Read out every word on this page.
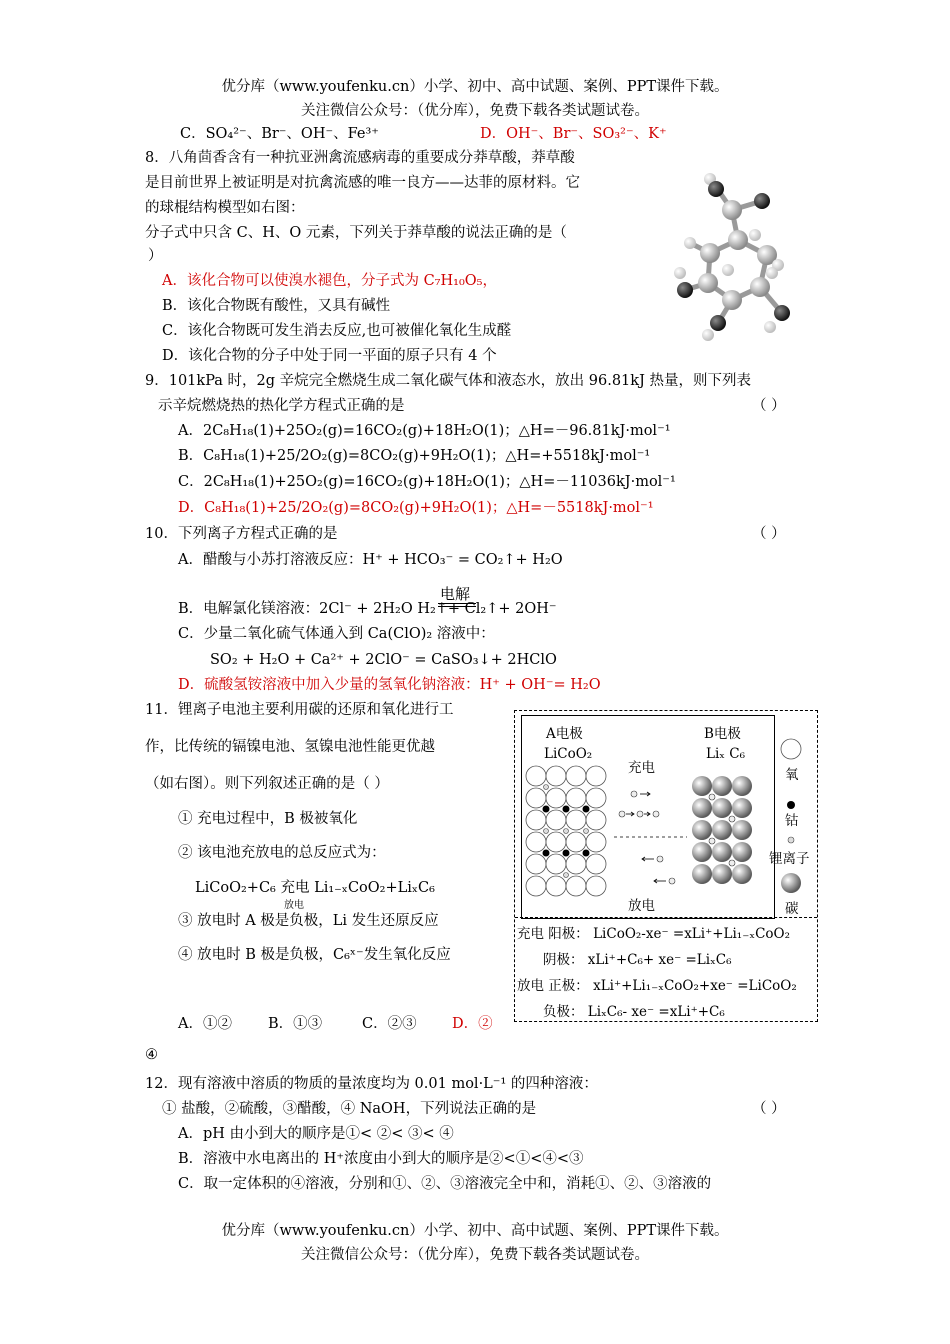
优分库（www.youfenku.cn）小学、初中、高中试题、案例、PPT课件下载。
关注微信公众号：（优分库），免费下载各类试题试卷。
C．SO₄²⁻、Br⁻、OH⁻、Fe³⁺	D．OH⁻、Br⁻、SO₃²⁻、K⁺
8．八角茴香含有一种抗亚洲禽流感病毒的重要成分莽草酸，莽草酸
是目前世界上被证明是对抗禽流感的唯一良方——达菲的原材料。它
的球棍结构模型如右图：
分子式中只含 C、H、O 元素，下列关于莽草酸的说法正确的是（
）
A．该化合物可以使溴水褪色，分子式为 C₇H₁₀O₅，
B．该化合物既有酸性，又具有碱性
C．该化合物既可发生消去反应,也可被催化氧化生成醛
D．该化合物的分子中处于同一平面的原子只有 4 个
9．101kPa 时，2g 辛烷完全燃烧生成二氧化碳气体和液态水，放出 96.81kJ 热量，则下列表
示辛烷燃烧热的热化学方程式正确的是	（ ）
A．2C₈H₁₈(1)+25O₂(g)=16CO₂(g)+18H₂O(1)；△H=－96.81kJ·mol⁻¹
B．C₈H₁₈(1)+25/2O₂(g)=8CO₂(g)+9H₂O(1)；△H=+5518kJ·mol⁻¹
C．2C₈H₁₈(1)+25O₂(g)=16CO₂(g)+18H₂O(1)；△H=－11036kJ·mol⁻¹
D．C₈H₁₈(1)+25/2O₂(g)=8CO₂(g)+9H₂O(1)；△H=－5518kJ·mol⁻¹
10．下列离子方程式正确的是	（ ）
A．醋酸与小苏打溶液反应：H⁺ + HCO₃⁻ = CO₂↑+ H₂O
电解
B．电解氯化镁溶液：2Cl⁻ + 2H₂O H₂↑+ Cl₂↑+ 2OH⁻
C．少量二氧化硫气体通入到 Ca(ClO)₂ 溶液中：
SO₂ + H₂O + Ca²⁺ + 2ClO⁻ = CaSO₃↓+ 2HClO
D．硫酸氢铵溶液中加入少量的氢氧化钠溶液：H⁺ + OH⁻= H₂O
11．锂离子电池主要利用碳的还原和氧化进行工
作，比传统的镉镍电池、氢镍电池性能更优越
（如右图）。则下列叙述正确的是（ ）
① 充电过程中，B 极被氧化
② 该电池充放电的总反应式为：
LiCoO₂+C₆ 充电 Li₁₋ₓCoO₂+LiₓC₆
放电
③ 放电时 A 极是负极，Li 发生还原反应
④ 放电时 B 极是负极，C₆ˣ⁻发生氧化反应
A．①② B．①③	C．②③ D．②
④
A电极
LiCoO₂
B电极
Liₓ C₆
充电
放电
氧
钴
锂离子
碳
充电 阳极： LiCoO₂-xe⁻ =xLi⁺+Li₁₋ₓCoO₂
阴极： xLi⁺+C₆+ xe⁻ =LiₓC₆
放电 正极： xLi⁺+Li₁₋ₓCoO₂+xe⁻ =LiCoO₂
负极： LiₓC₆- xe⁻ =xLi⁺+C₆
12．现有溶液中溶质的物质的量浓度均为 0.01 mol·L⁻¹ 的四种溶液：
① 盐酸，②硫酸，③醋酸，④ NaOH，下列说法正确的是	（ ）
A．pH 由小到大的顺序是①< ②< ③< ④
B．溶液中水电离出的 H⁺浓度由小到大的顺序是②<①<④<③
C．取一定体积的④溶液，分别和①、②、③溶液完全中和，消耗①、②、③溶液的
优分库（www.youfenku.cn）小学、初中、高中试题、案例、PPT课件下载。
关注微信公众号：（优分库），免费下载各类试题试卷。
